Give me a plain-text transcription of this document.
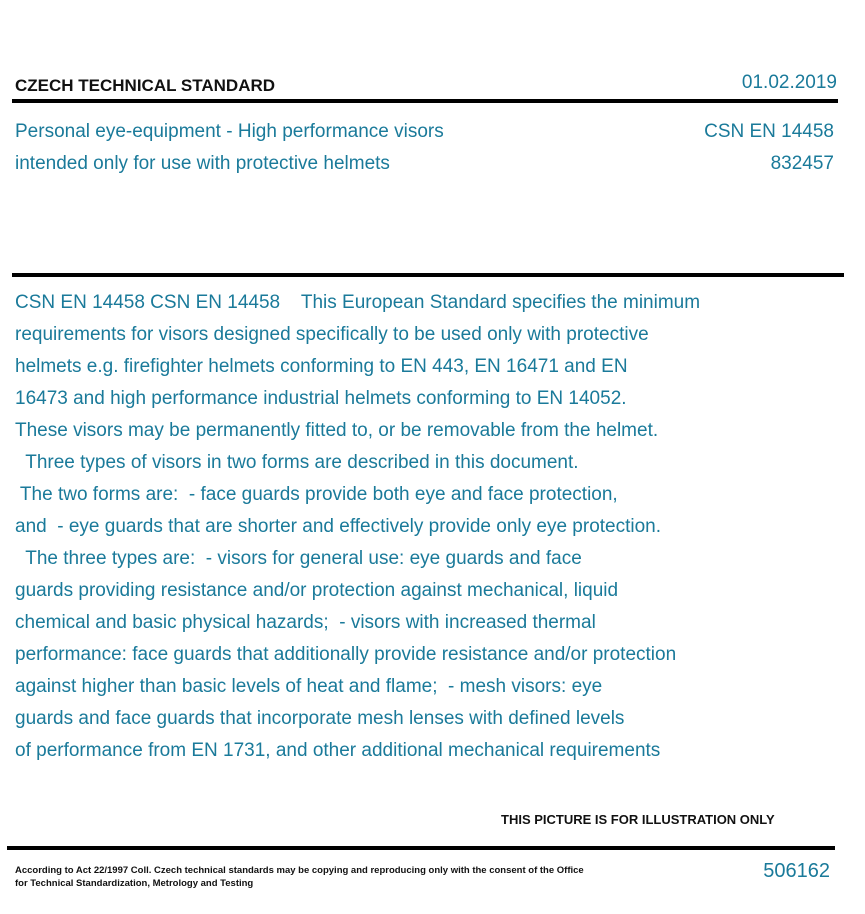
CZECH TECHNICAL STANDARD	01.02.2019
Personal eye-equipment - High performance visors
intended only for use with protective helmets
CSN EN 14458
832457
CSN EN 14458 CSN EN 14458    This European Standard specifies the minimum
requirements for visors designed specifically to be used only with protective
helmets e.g. firefighter helmets conforming to EN 443, EN 16471 and EN
16473 and high performance industrial helmets conforming to EN 14052.
These visors may be permanently fitted to, or be removable from the helmet.
Three types of visors in two forms are described in this document.
The two forms are:  - face guards provide both eye and face protection,
and  - eye guards that are shorter and effectively provide only eye protection.
The three types are:  - visors for general use: eye guards and face
guards providing resistance and/or protection against mechanical, liquid
chemical and basic physical hazards;  - visors with increased thermal
performance: face guards that additionally provide resistance and/or protection
against higher than basic levels of heat and flame;  - mesh visors: eye
guards and face guards that incorporate mesh lenses with defined levels
of performance from EN 1731, and other additional mechanical requirements
THIS PICTURE IS FOR ILLUSTRATION ONLY
According to Act 22/1997 Coll. Czech technical standards may be copying and reproducing only with the consent of the Office
for Technical Standardization, Metrology and Testing
506162
